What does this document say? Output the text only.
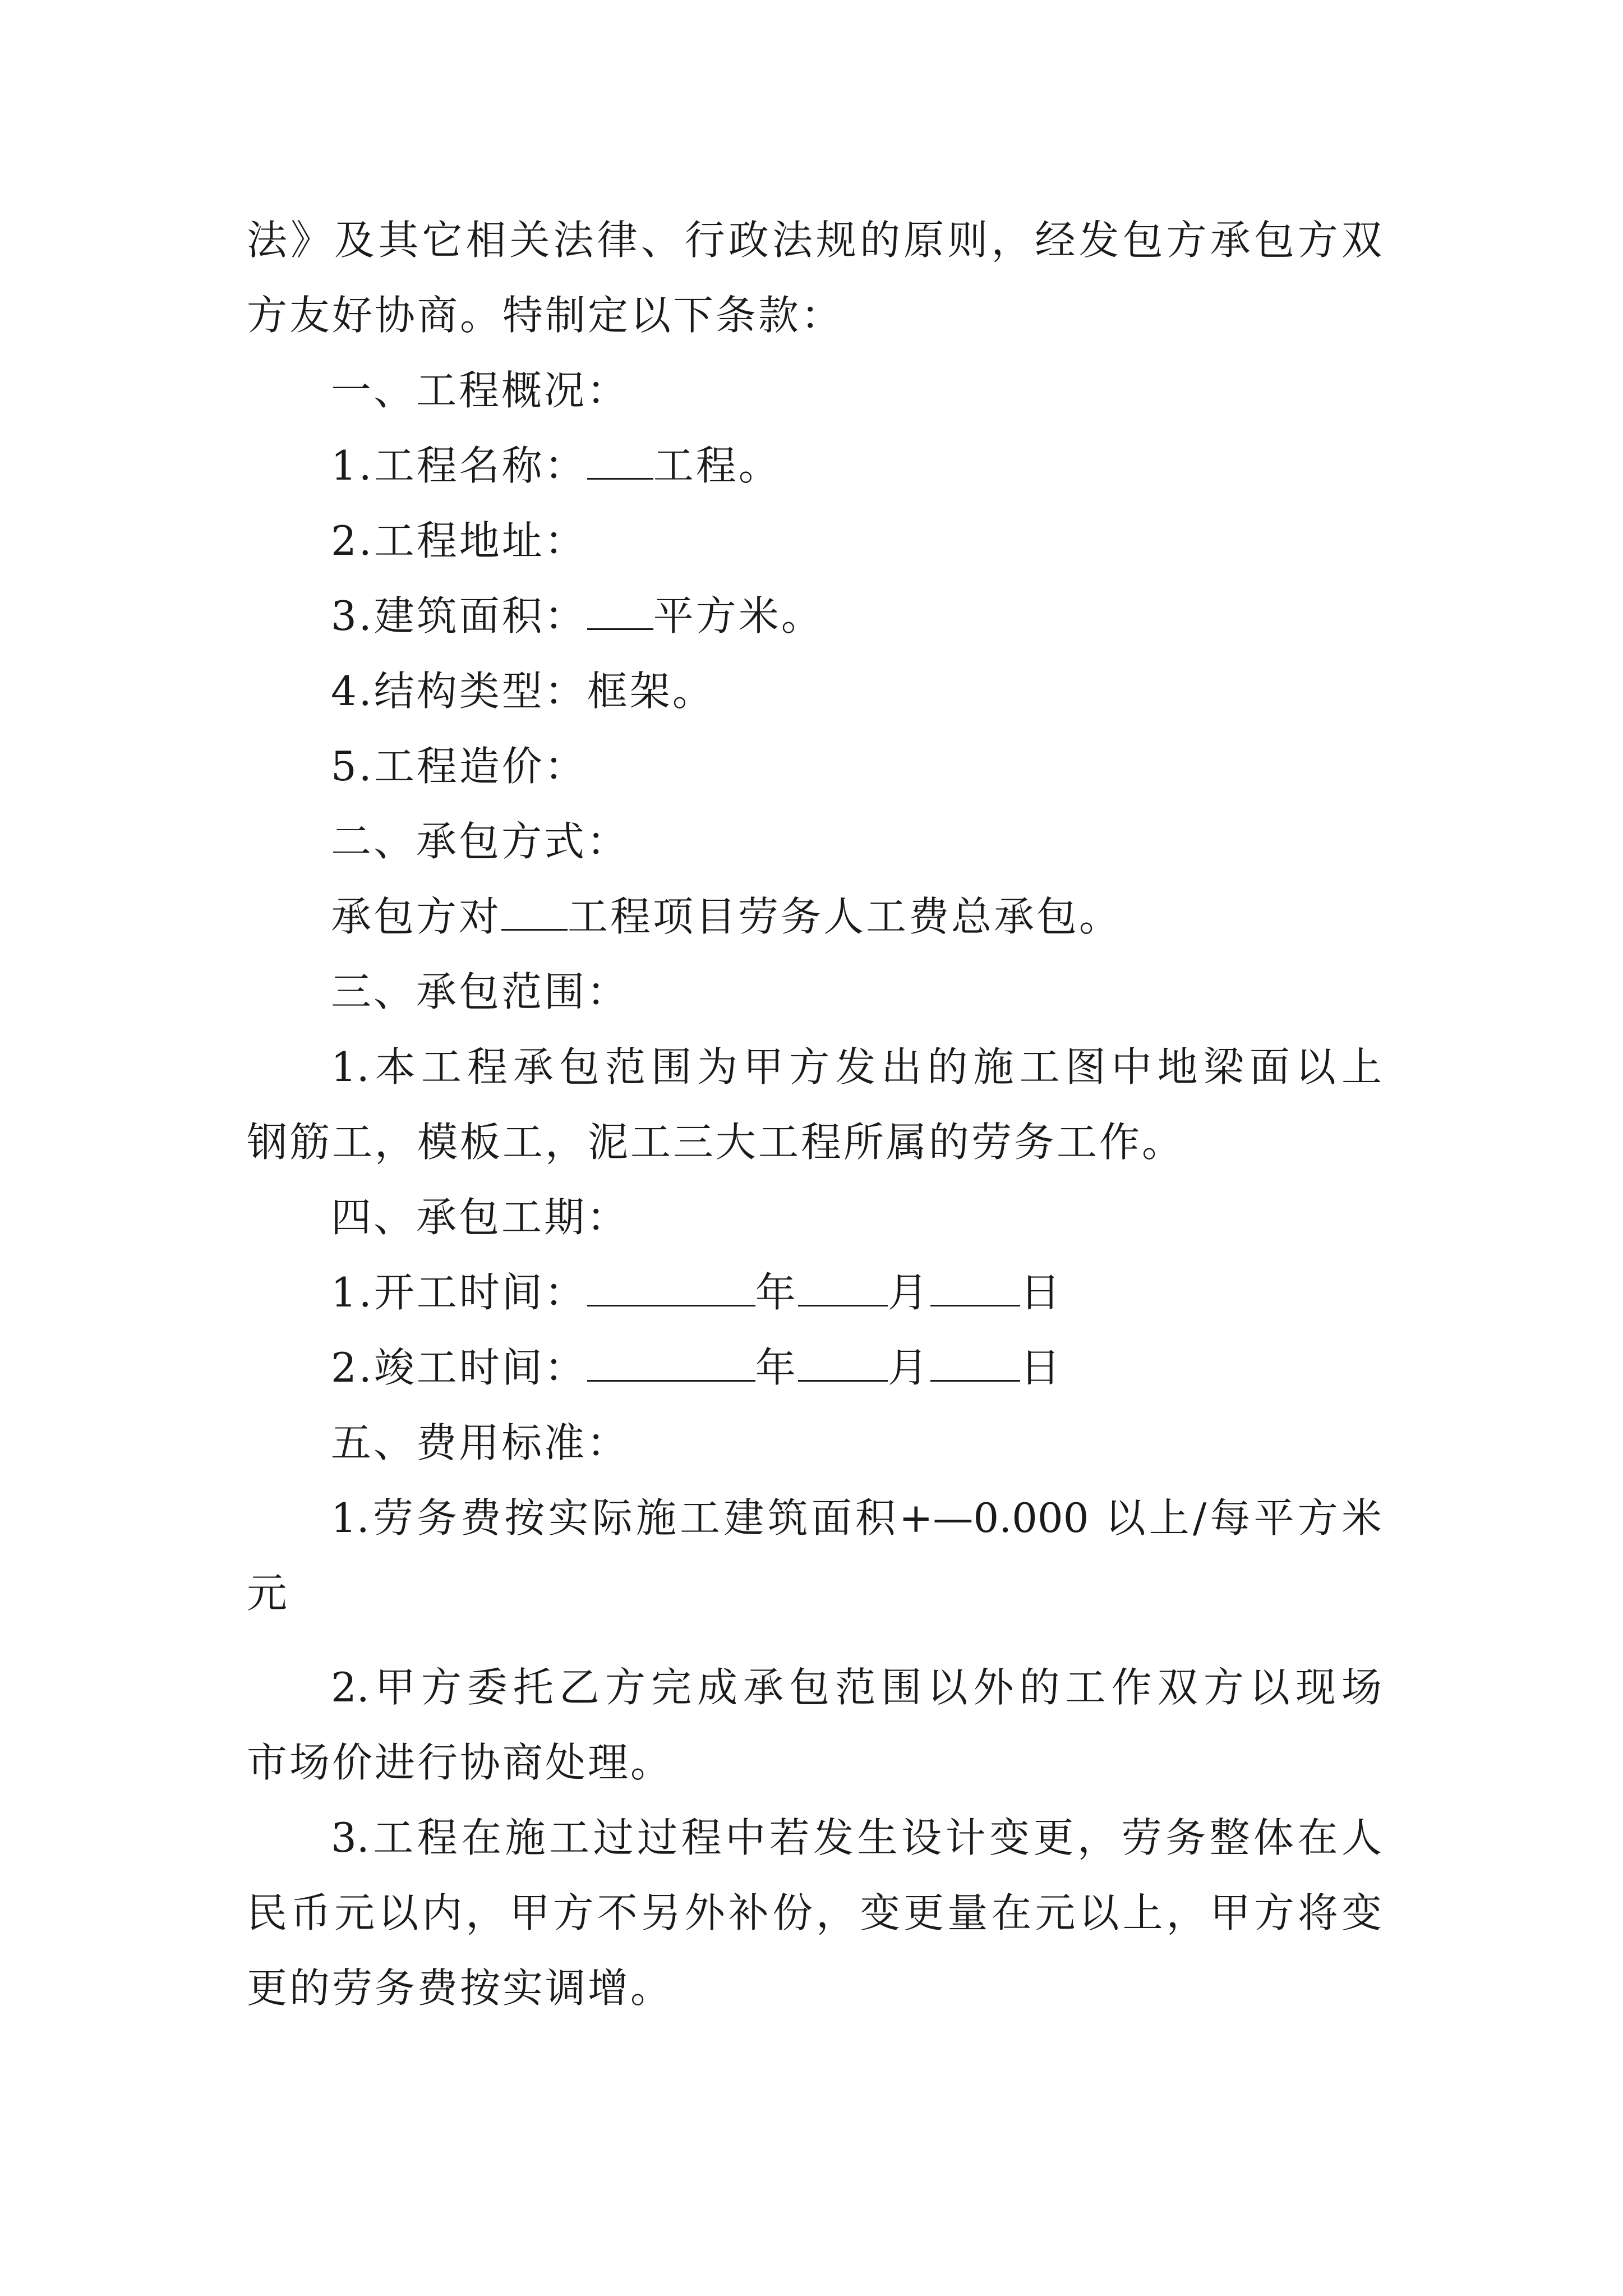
法》及其它相关法律、行政法规的原则，经发包方承包方双
方友好协商。特制定以下条款：
一、工程概况：
1.工程名称： 工程。
2.工程地址：
3.建筑面积： 平方米。
4.结构类型：框架。
5.工程造价：
二、承包方式：
承包方对 工程项目劳务人工费总承包。
三、承包范围：
1.本工程承包范围为甲方发出的施工图中地梁面以上
钢筋工，模板工，泥工三大工程所属的劳务工作。
四、承包工期：
1.开工时间：	年 月 日
2.竣工时间：	年 月 日
五、费用标准：
1.劳务费按实际施工建筑面积+—0.000 以上/每平方米
元
2.甲方委托乙方完成承包范围以外的工作双方以现场
市场价进行协商处理。
3.工程在施工过过程中若发生设计变更，劳务整体在人
民币元以内，甲方不另外补份，变更量在元以上，甲方将变
更的劳务费按实调增。
